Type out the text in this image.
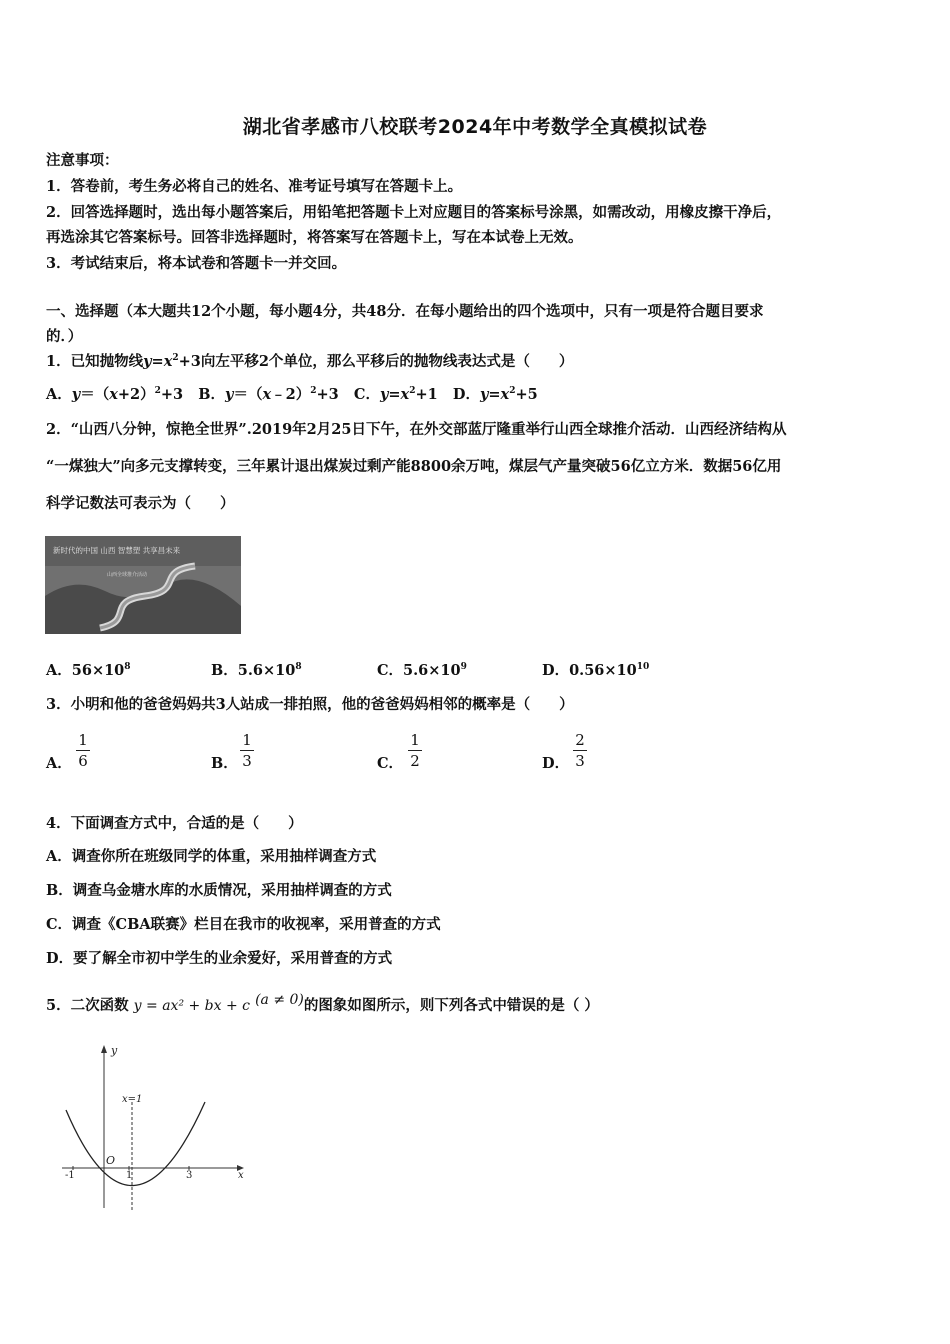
湖北省孝感市八校联考2024年中考数学全真模拟试卷
注意事项：
1．答卷前，考生务必将自己的姓名、准考证号填写在答题卡上。
2．回答选择题时，选出每小题答案后，用铅笔把答题卡上对应题目的答案标号涂黑，如需改动，用橡皮擦干净后，
再选涂其它答案标号。回答非选择题时，将答案写在答题卡上，写在本试卷上无效。
3．考试结束后，将本试卷和答题卡一并交回。
一、选择题（本大题共12个小题，每小题4分，共48分．在每小题给出的四个选项中，只有一项是符合题目要求
的．）
1．已知抛物线$y=x^2+3$向左平移2个单位，那么平移后的抛物线表达式是（　　）
A．$y=(x+2)^2+3$ B．y＝（x﹣2）$^2$+3 C．$y=x^2+1$ D．$y=x^2+5$
2．“山西八分钟，惊艳全世界”.2019年2月25日下午，在外交部蓝厅隆重举行山西全球推介活动．山西经济结构从
“一煤独大”向多元支撑转变，三年累计退出煤炭过剩产能8800余万吨，煤层气产量突破56亿立方米．数据56亿用
科学记数法可表示为（　　）
新时代的中国 山西 智慧塑 共享昌未来
山西全球推介活动
A．$56\times 10^8$	B．$5.6\times 10^8$	C．$5.6\times 10^9$	D．$0.56\times 10^{10}$
3．小明和他的爸爸妈妈共3人站成一排拍照，他的爸爸妈妈相邻的概率是（　　）
A．
1
6	B．
1
3	C．
1
2	D．
2
3
4．下面调查方式中，合适的是（　　）
A．调查你所在班级同学的体重，采用抽样调查方式
B．调查乌金塘水库的水质情况，采用抽样调查的方式
C．调查《CBA联赛》栏目在我市的收视率，采用普查的方式
D．要了解全市初中学生的业余爱好，采用普查的方式
5．二次函数 y = ax² + bx + c (a ≠ 0)的图象如图所示，则下列各式中错误的是（ ）
y
x
-1	1	3
O
x=1
